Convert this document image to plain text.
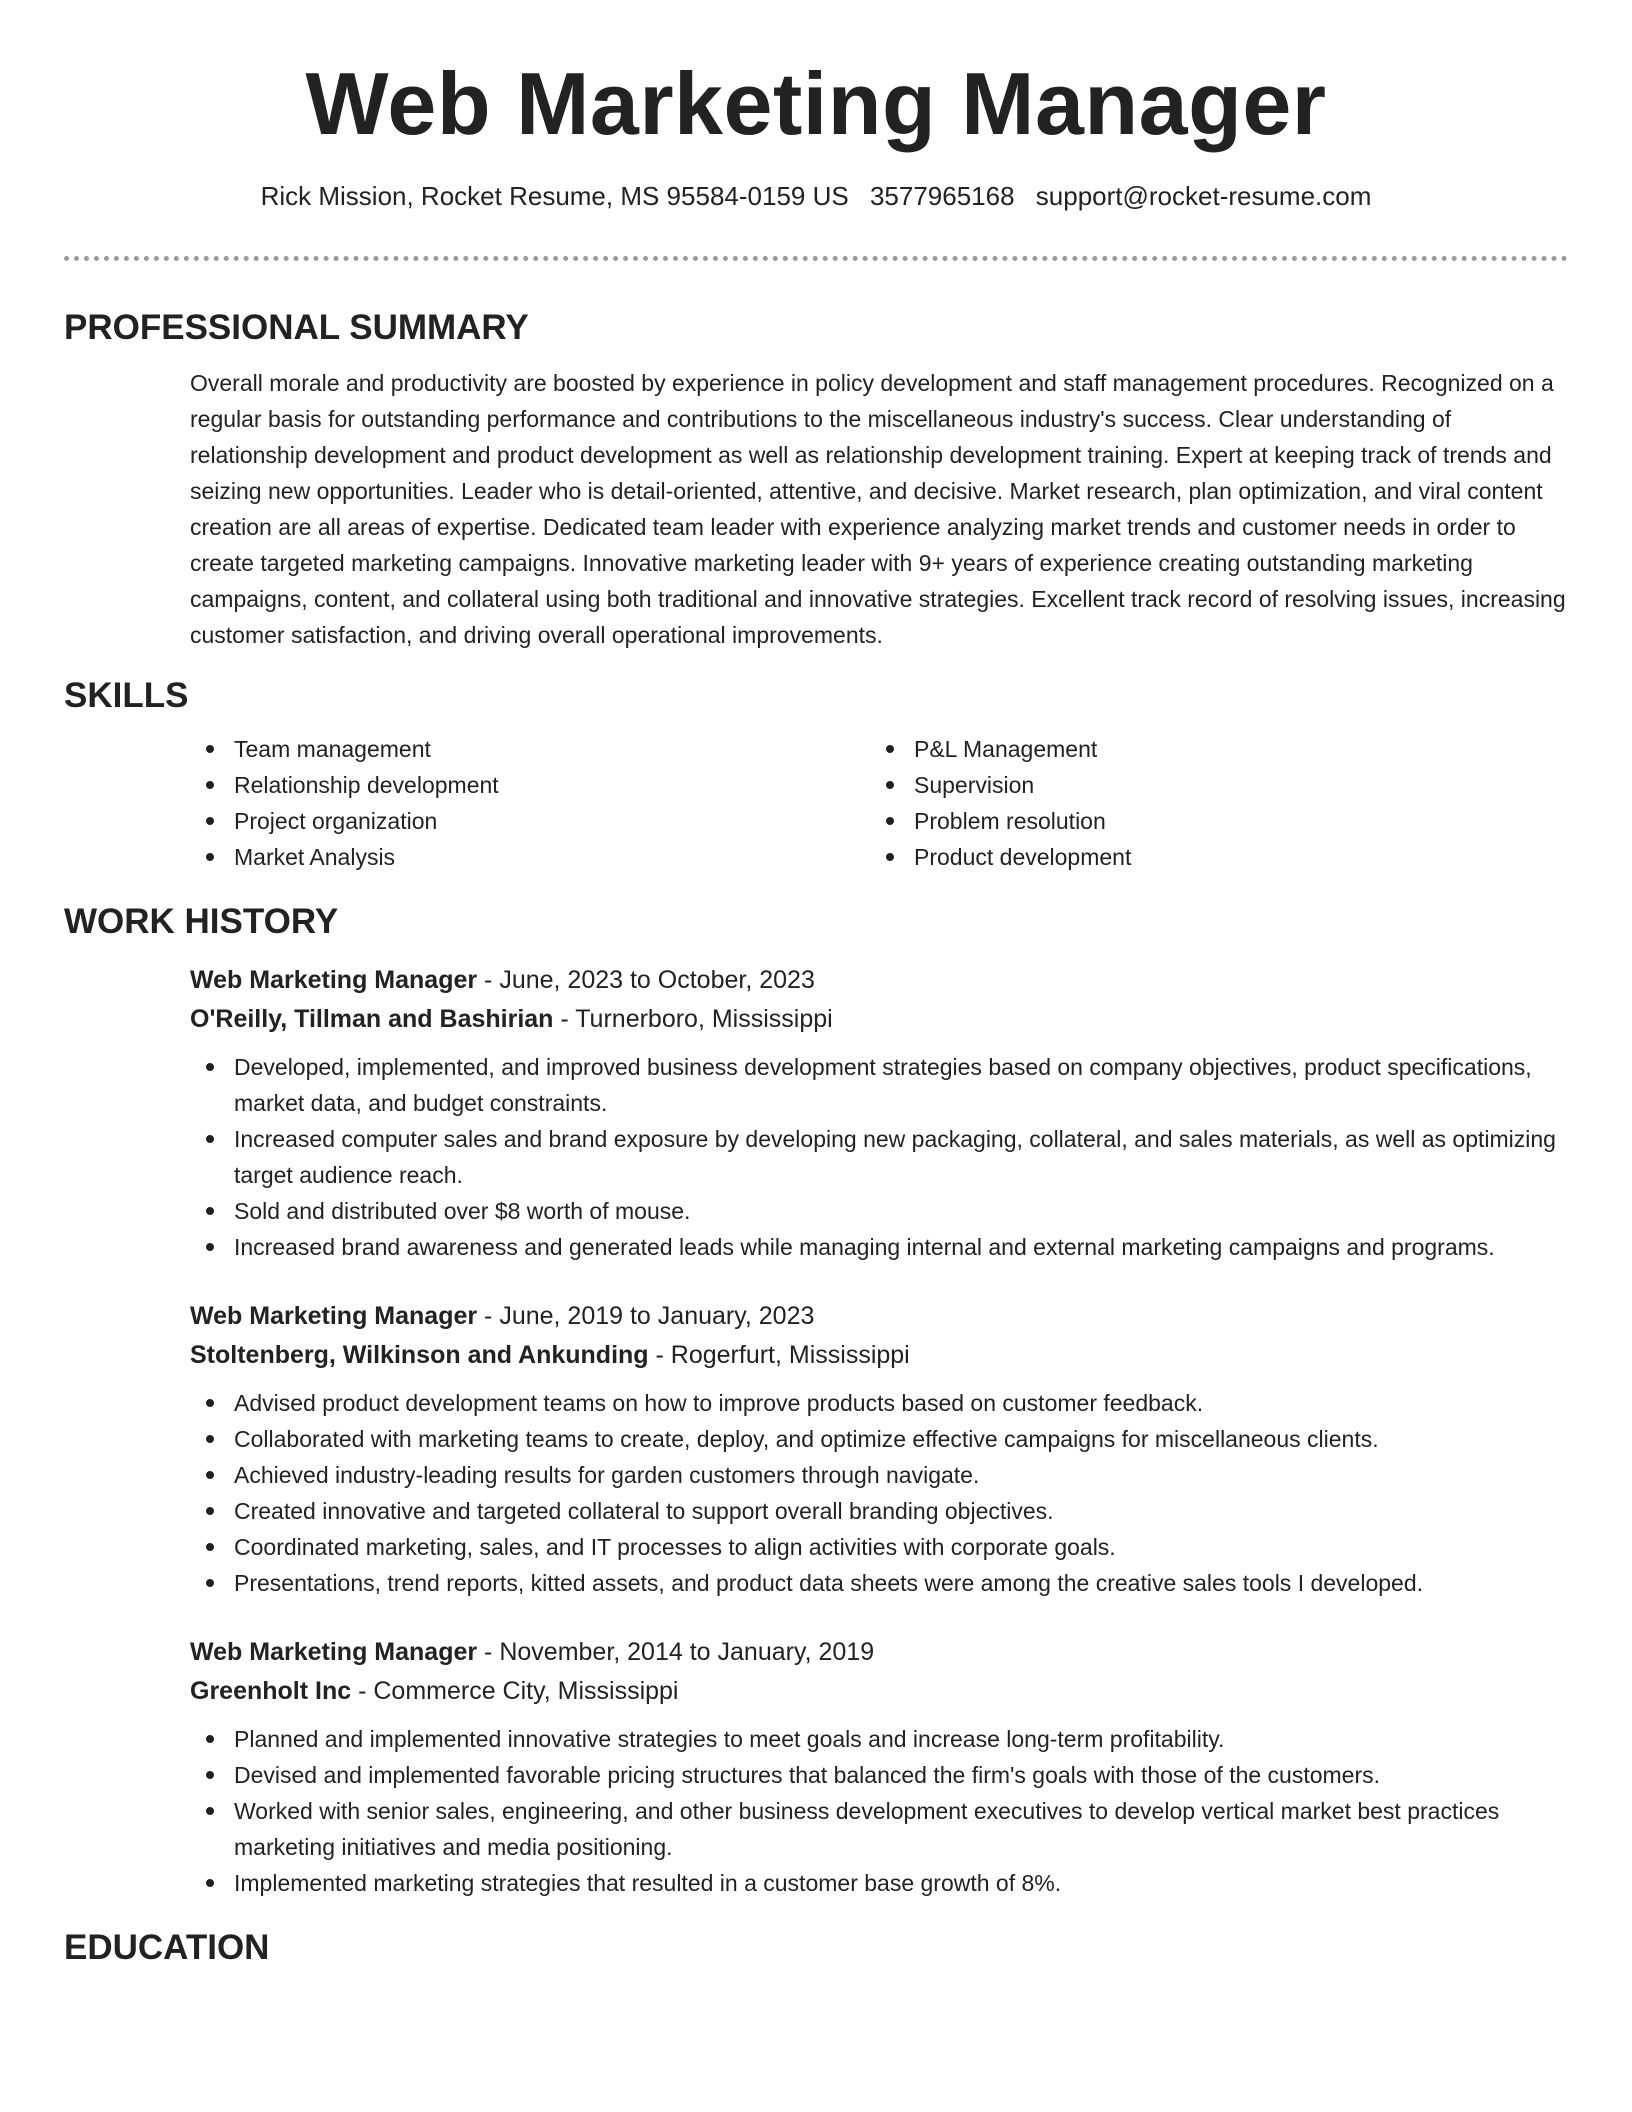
Web Marketing Manager
Rick Mission, Rocket Resume, MS 95584-0159 US 3577965168 support@rocket-resume.com
PROFESSIONAL SUMMARY
Overall morale and productivity are boosted by experience in policy development and staff management procedures. Recognized on a regular basis for outstanding performance and contributions to the miscellaneous industry's success. Clear understanding of relationship development and product development as well as relationship development training. Expert at keeping track of trends and seizing new opportunities. Leader who is detail-oriented, attentive, and decisive. Market research, plan optimization, and viral content creation are all areas of expertise. Dedicated team leader with experience analyzing market trends and customer needs in order to create targeted marketing campaigns. Innovative marketing leader with 9+ years of experience creating outstanding marketing campaigns, content, and collateral using both traditional and innovative strategies. Excellent track record of resolving issues, increasing customer satisfaction, and driving overall operational improvements.
SKILLS
Team management
Relationship development
Project organization
Market Analysis
P&L Management
Supervision
Problem resolution
Product development
WORK HISTORY
Web Marketing Manager - June, 2023 to October, 2023
O'Reilly, Tillman and Bashirian - Turnerboro, Mississippi
Developed, implemented, and improved business development strategies based on company objectives, product specifications, market data, and budget constraints.
Increased computer sales and brand exposure by developing new packaging, collateral, and sales materials, as well as optimizing target audience reach.
Sold and distributed over $8 worth of mouse.
Increased brand awareness and generated leads while managing internal and external marketing campaigns and programs.
Web Marketing Manager - June, 2019 to January, 2023
Stoltenberg, Wilkinson and Ankunding - Rogerfurt, Mississippi
Advised product development teams on how to improve products based on customer feedback.
Collaborated with marketing teams to create, deploy, and optimize effective campaigns for miscellaneous clients.
Achieved industry-leading results for garden customers through navigate.
Created innovative and targeted collateral to support overall branding objectives.
Coordinated marketing, sales, and IT processes to align activities with corporate goals.
Presentations, trend reports, kitted assets, and product data sheets were among the creative sales tools I developed.
Web Marketing Manager - November, 2014 to January, 2019
Greenholt Inc - Commerce City, Mississippi
Planned and implemented innovative strategies to meet goals and increase long-term profitability.
Devised and implemented favorable pricing structures that balanced the firm's goals with those of the customers.
Worked with senior sales, engineering, and other business development executives to develop vertical market best practices marketing initiatives and media positioning.
Implemented marketing strategies that resulted in a customer base growth of 8%.
EDUCATION
